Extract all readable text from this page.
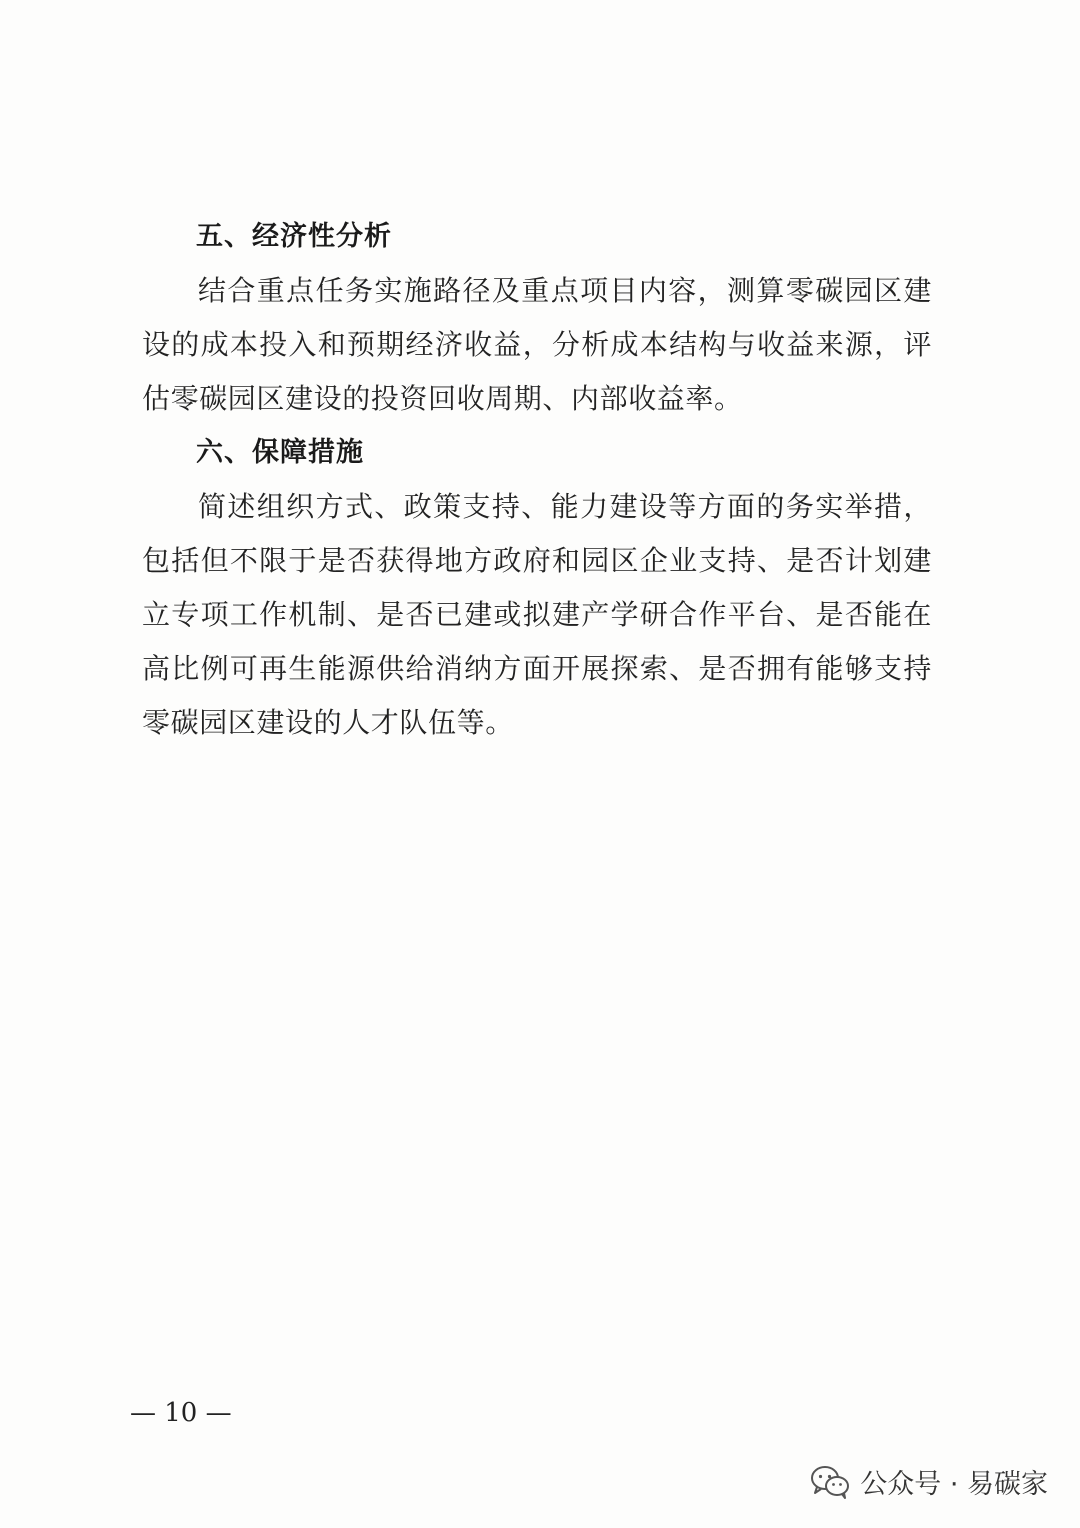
五、经济性分析

结合重点任务实施路径及重点项目内容，测算零碳园区建设的成本投入和预期经济收益，分析成本结构与收益来源，评估零碳园区建设的投资回收周期、内部收益率。

六、保障措施

简述组织方式、政策支持、能力建设等方面的务实举措，包括但不限于是否获得地方政府和园区企业支持、是否计划建立专项工作机制、是否已建或拟建产学研合作平台、是否能在高比例可再生能源供给消纳方面开展探索、是否拥有能够支持零碳园区建设的人才队伍等。

— 10 —
公众号 · 易碳家
